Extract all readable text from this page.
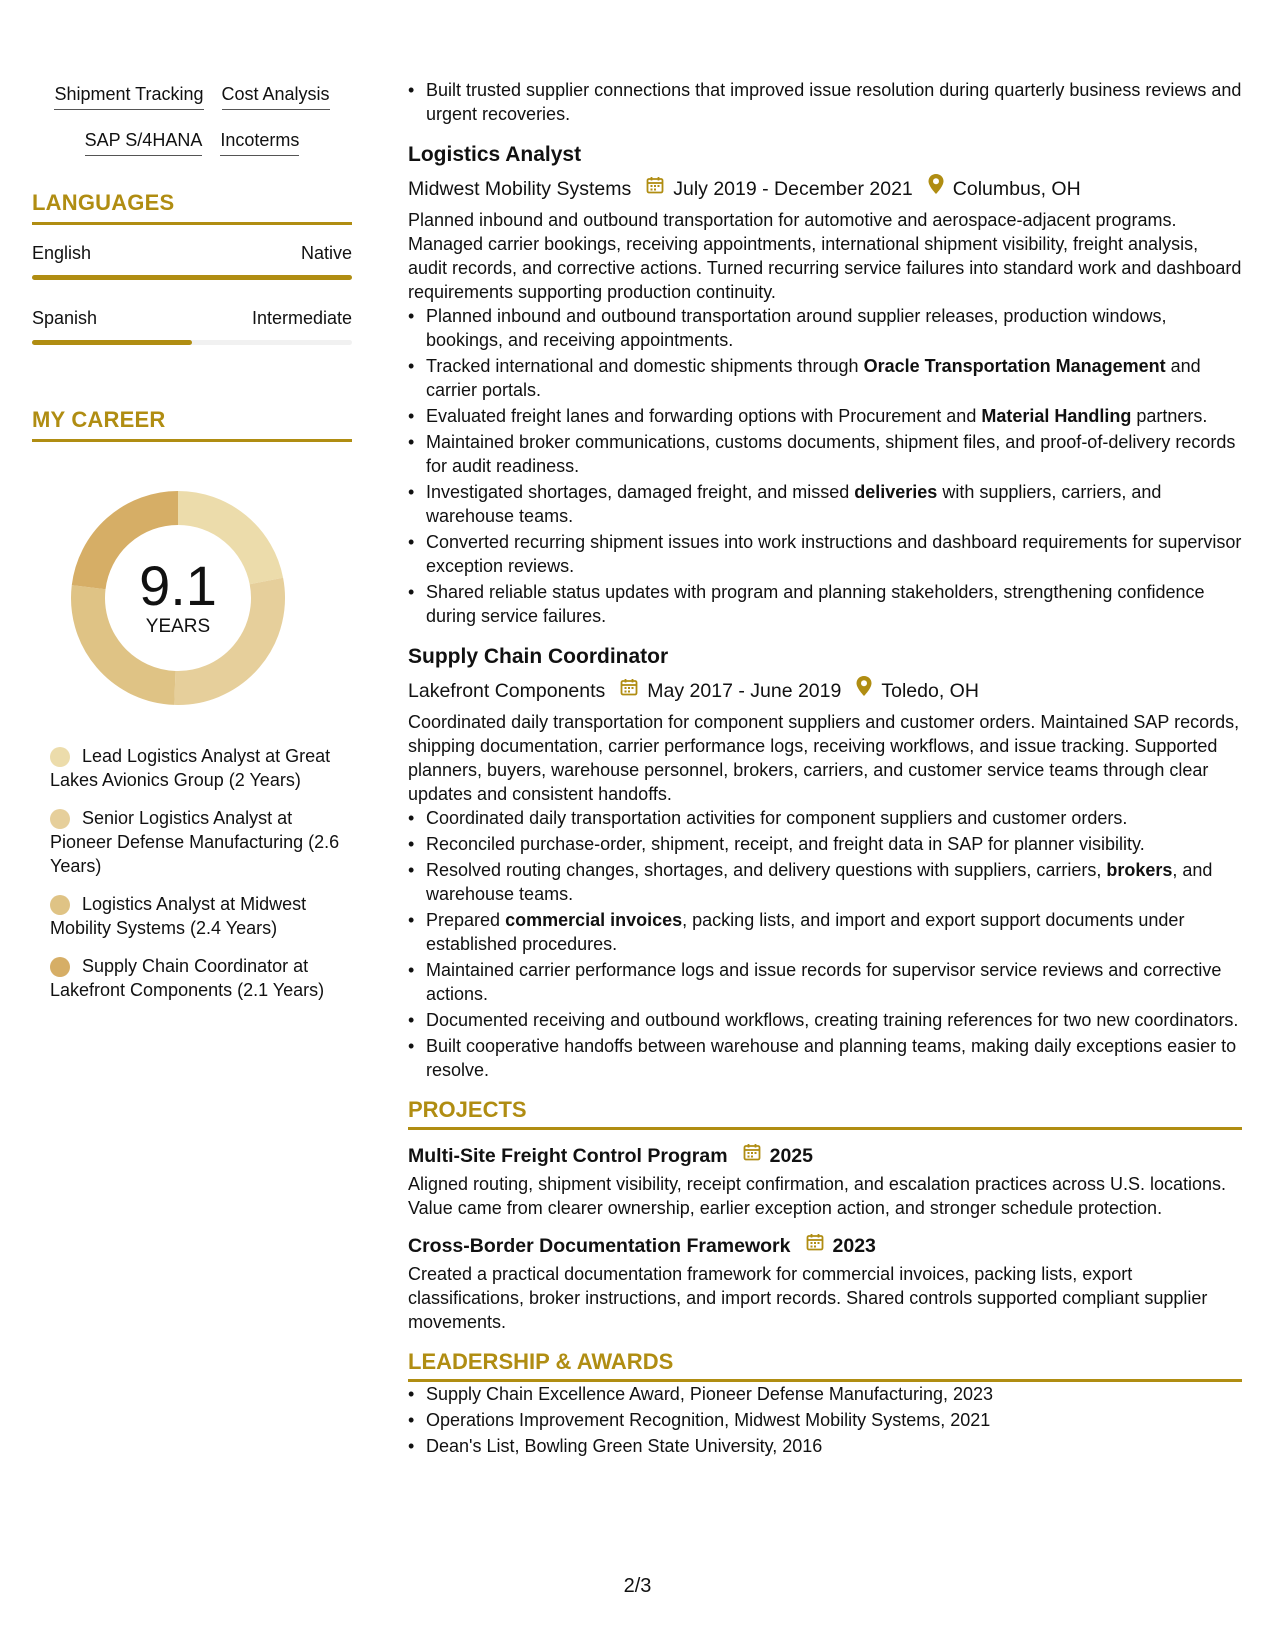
Shipment Tracking Cost Analysis
SAP S/4HANA Incoterms
LANGUAGES
English	Native
Spanish	Intermediate
MY CAREER
9.1
YEARS
Lead Logistics Analyst at Great Lakes Avionics Group (2 Years)
Senior Logistics Analyst at Pioneer Defense Manufacturing (2.6 Years)
Logistics Analyst at Midwest Mobility Systems (2.4 Years)
Supply Chain Coordinator at Lakefront Components (2.1 Years)
• Built trusted supplier connections that improved issue resolution during quarterly business reviews and urgent recoveries.
Logistics Analyst
Midwest Mobility Systems July 2019 - December 2021 Columbus, OH
Planned inbound and outbound transportation for automotive and aerospace-adjacent programs. Managed carrier bookings, receiving appointments, international shipment visibility, freight analysis, audit records, and corrective actions. Turned recurring service failures into standard work and dashboard requirements supporting production continuity.
• Planned inbound and outbound transportation around supplier releases, production windows, bookings, and receiving appointments.
• Tracked international and domestic shipments through Oracle Transportation Management and carrier portals.
• Evaluated freight lanes and forwarding options with Procurement and Material Handling partners.
• Maintained broker communications, customs documents, shipment files, and proof-of-delivery records for audit readiness.
• Investigated shortages, damaged freight, and missed deliveries with suppliers, carriers, and warehouse teams.
• Converted recurring shipment issues into work instructions and dashboard requirements for supervisor exception reviews.
• Shared reliable status updates with program and planning stakeholders, strengthening confidence during service failures.
Supply Chain Coordinator
Lakefront Components May 2017 - June 2019 Toledo, OH
Coordinated daily transportation for component suppliers and customer orders. Maintained SAP records, shipping documentation, carrier performance logs, receiving workflows, and issue tracking. Supported planners, buyers, warehouse personnel, brokers, carriers, and customer service teams through clear updates and consistent handoffs.
• Coordinated daily transportation activities for component suppliers and customer orders.
• Reconciled purchase-order, shipment, receipt, and freight data in SAP for planner visibility.
• Resolved routing changes, shortages, and delivery questions with suppliers, carriers, brokers, and warehouse teams.
• Prepared commercial invoices, packing lists, and import and export support documents under established procedures.
• Maintained carrier performance logs and issue records for supervisor service reviews and corrective actions.
• Documented receiving and outbound workflows, creating training references for two new coordinators.
• Built cooperative handoffs between warehouse and planning teams, making daily exceptions easier to resolve.
PROJECTS
Multi-Site Freight Control Program 2025
Aligned routing, shipment visibility, receipt confirmation, and escalation practices across U.S. locations. Value came from clearer ownership, earlier exception action, and stronger schedule protection.
Cross-Border Documentation Framework 2023
Created a practical documentation framework for commercial invoices, packing lists, export classifications, broker instructions, and import records. Shared controls supported compliant supplier movements.
LEADERSHIP & AWARDS
• Supply Chain Excellence Award, Pioneer Defense Manufacturing, 2023
• Operations Improvement Recognition, Midwest Mobility Systems, 2021
• Dean's List, Bowling Green State University, 2016
2/3
